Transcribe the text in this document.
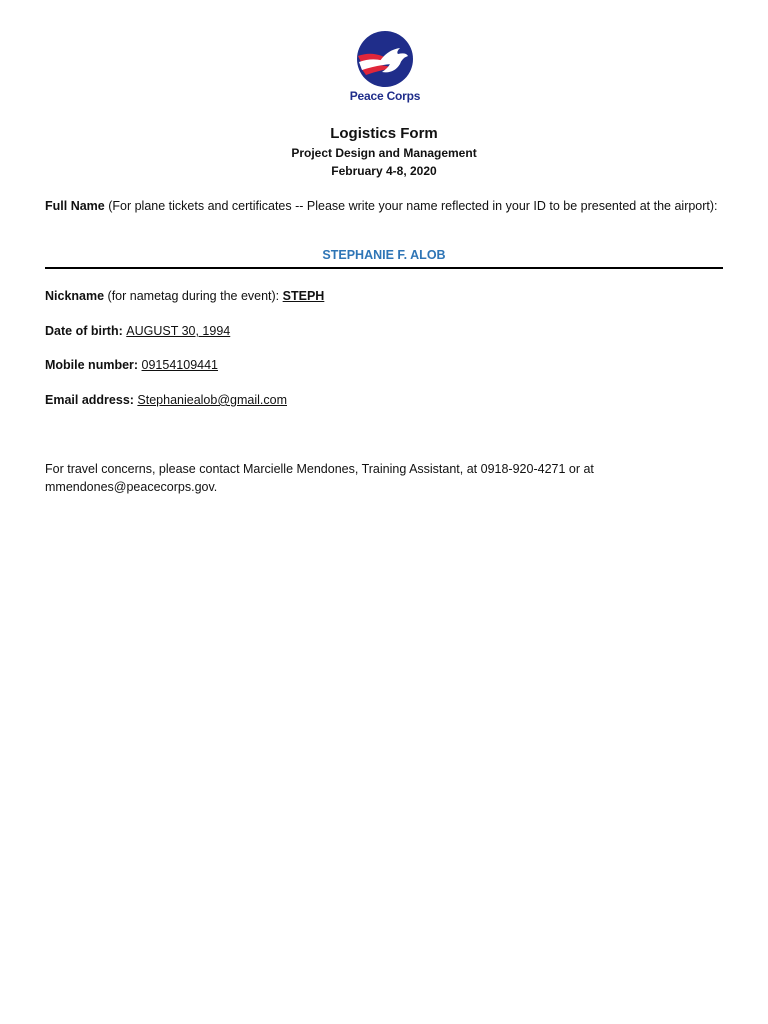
Peace Corps
Logistics Form
Project Design and Management
February 4-8, 2020
Full Name (For plane tickets and certificates -- Please write your name reflected in your ID to be presented at the airport):
STEPHANIE F. ALOB
Nickname (for nametag during the event): STEPH
Date of birth: AUGUST 30, 1994
Mobile number: 09154109441
Email address: Stephaniealob@gmail.com
For travel concerns, please contact Marcielle Mendones, Training Assistant, at 0918-920-4271 or at mmendones@peacecorps.gov.
